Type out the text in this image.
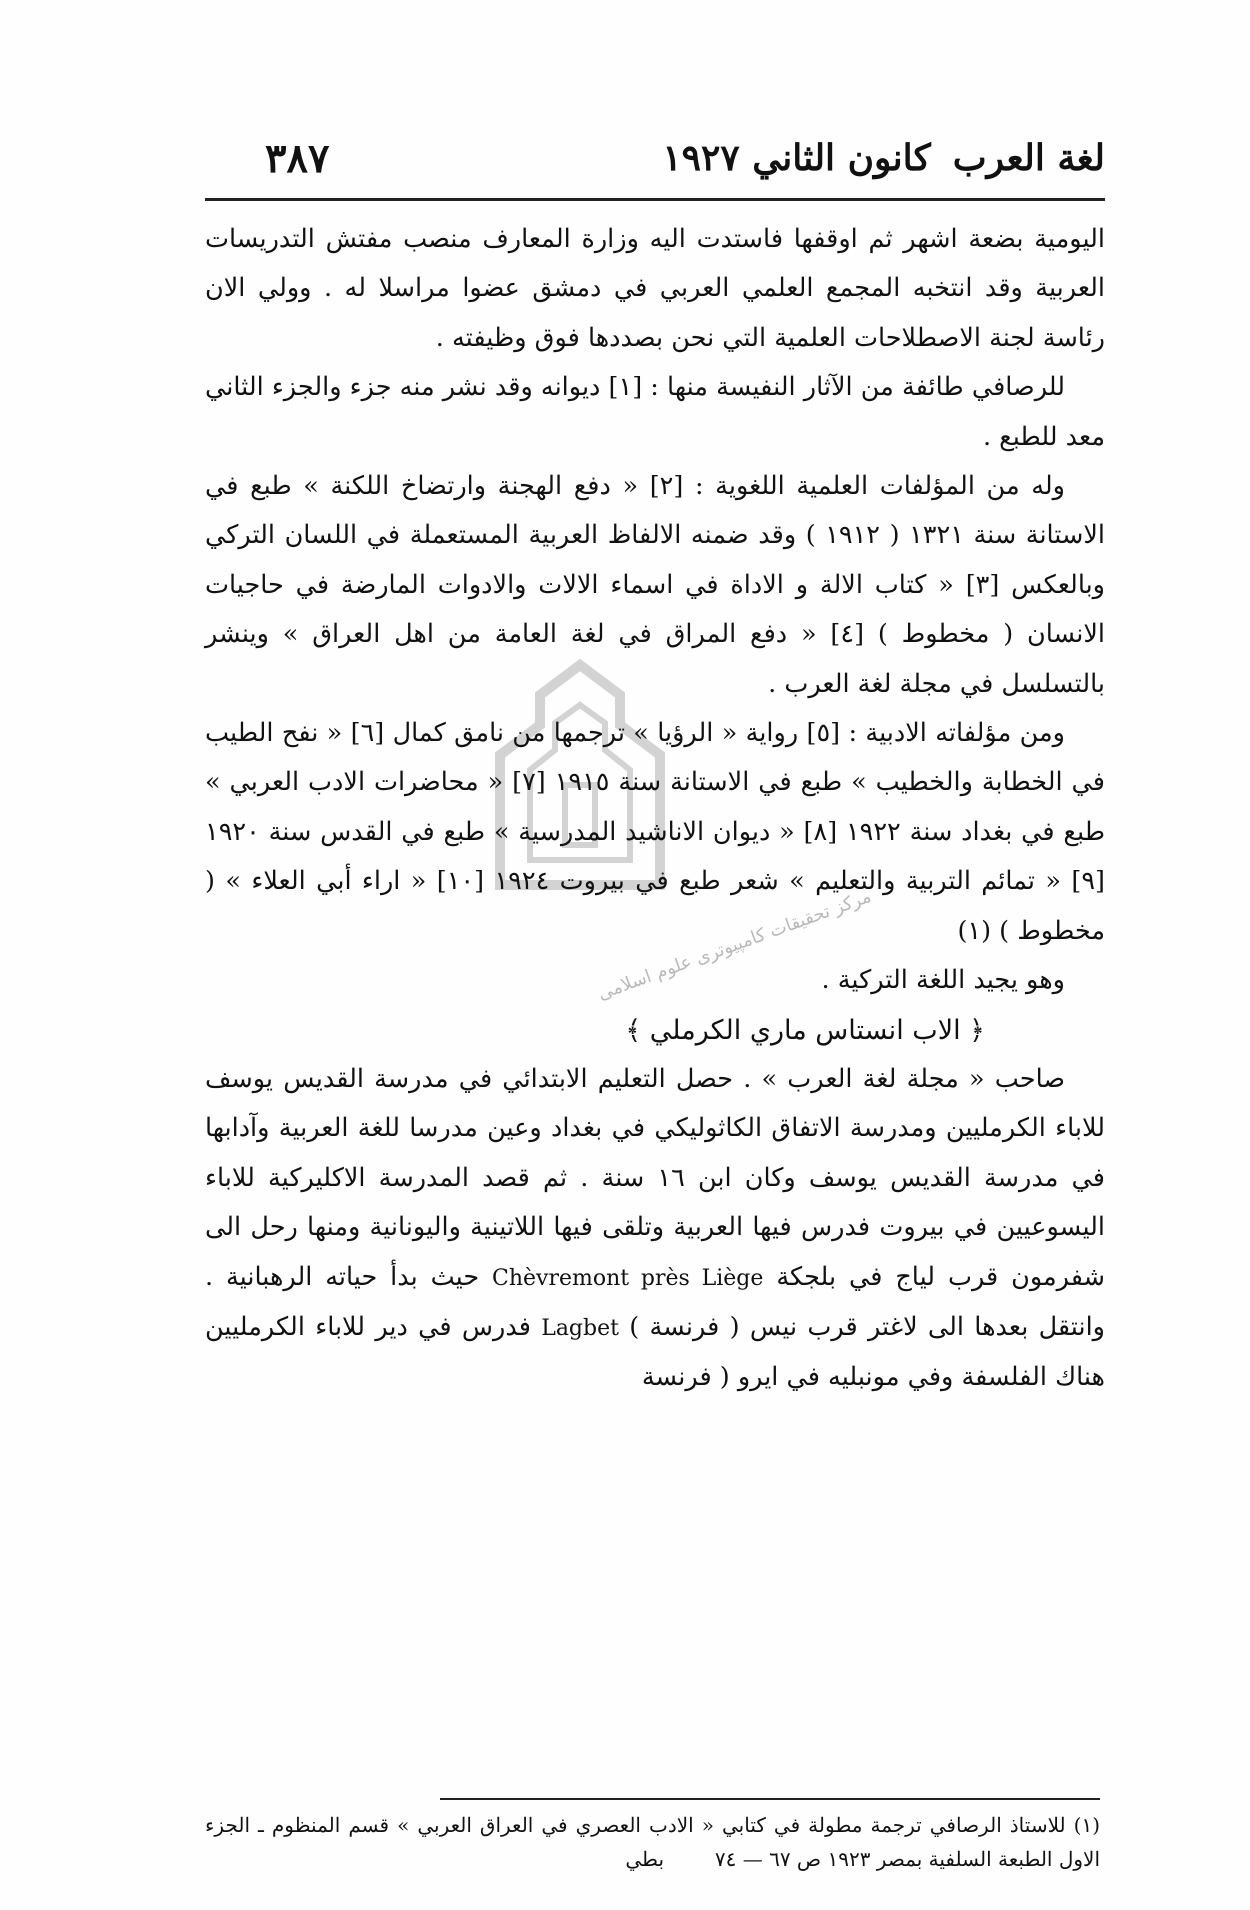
لغة العرب
كانون الثاني ١٩٢٧
٣٨٧
مركز تحقیقات کامپیوتری علوم اسلامی

اليومية بضعة اشهر ثم اوقفها فاستدت اليه وزارة المعارف منصب مفتش التدريسات العربية وقد انتخبه المجمع العلمي العربي في دمشق عضوا مراسلا له . وولي الان رئاسة لجنة الاصطلاحات العلمية التي نحن بصددها فوق وظيفته .

للرصافي طائفة من الآثار النفيسة منها : [١] ديوانه وقد نشر منه جزء والجزء الثاني معد للطبع .

وله من المؤلفات العلمية اللغوية : [٢] « دفع الهجنة وارتضاخ اللكنة » طبع في الاستانة سنة ١٣٢١ ( ١٩١٢ ) وقد ضمنه الالفاظ العربية المستعملة في اللسان التركي وبالعكس [٣] « كتاب الالة و الاداة في اسماء الالات والادوات المارضة في حاجيات الانسان ( مخطوط ) [٤] « دفع المراق في لغة العامة من اهل العراق » وينشر بالتسلسل في مجلة لغة العرب .

ومن مؤلفاته الادبية : [٥] رواية « الرؤيا » ترجمها من نامق كمال [٦] « نفح الطيب في الخطابة والخطيب » طبع في الاستانة سنة ١٩١٥ [٧] « محاضرات الادب العربي » طبع في بغداد سنة ١٩٢٢ [٨] « ديوان الاناشيد المدرسية » طبع في القدس سنة ١٩٢٠ [٩] « تمائم التربية والتعليم » شعر طبع في بيروت ١٩٢٤ [١٠] « اراء أبي العلاء » ( مخطوط ) (١)

وهو يجيد اللغة التركية .

﴿ الاب انستاس ماري الكرملي ﴾

صاحب « مجلة لغة العرب » . حصل التعليم الابتدائي في مدرسة القديس يوسف للاباء الكرمليين ومدرسة الاتفاق الكاثوليكي في بغداد وعين مدرسا للغة العربية وآدابها في مدرسة القديس يوسف وكان ابن ١٦ سنة . ثم قصد المدرسة الاكليركية للاباء اليسوعيين في بيروت فدرس فيها العربية وتلقى فيها اللاتينية واليونانية ومنها رحل الى شفرمون قرب لياج في بلجكة Chèvremont près Liège حيث بدأ حياته الرهبانية . وانتقل بعدها الى لاغتر قرب نيس ( فرنسة ) Lagbet فدرس في دير للاباء الكرمليين هناك الفلسفة وفي مونبليه في ايرو ( فرنسة

(١) للاستاذ الرصافي ترجمة مطولة في كتابي « الادب العصري في العراق العربي » قسم المنظوم ـ الجزء الاول الطبعة السلفية بمصر ١٩٢٣ ص ٦٧ — ٧٤        بطي
